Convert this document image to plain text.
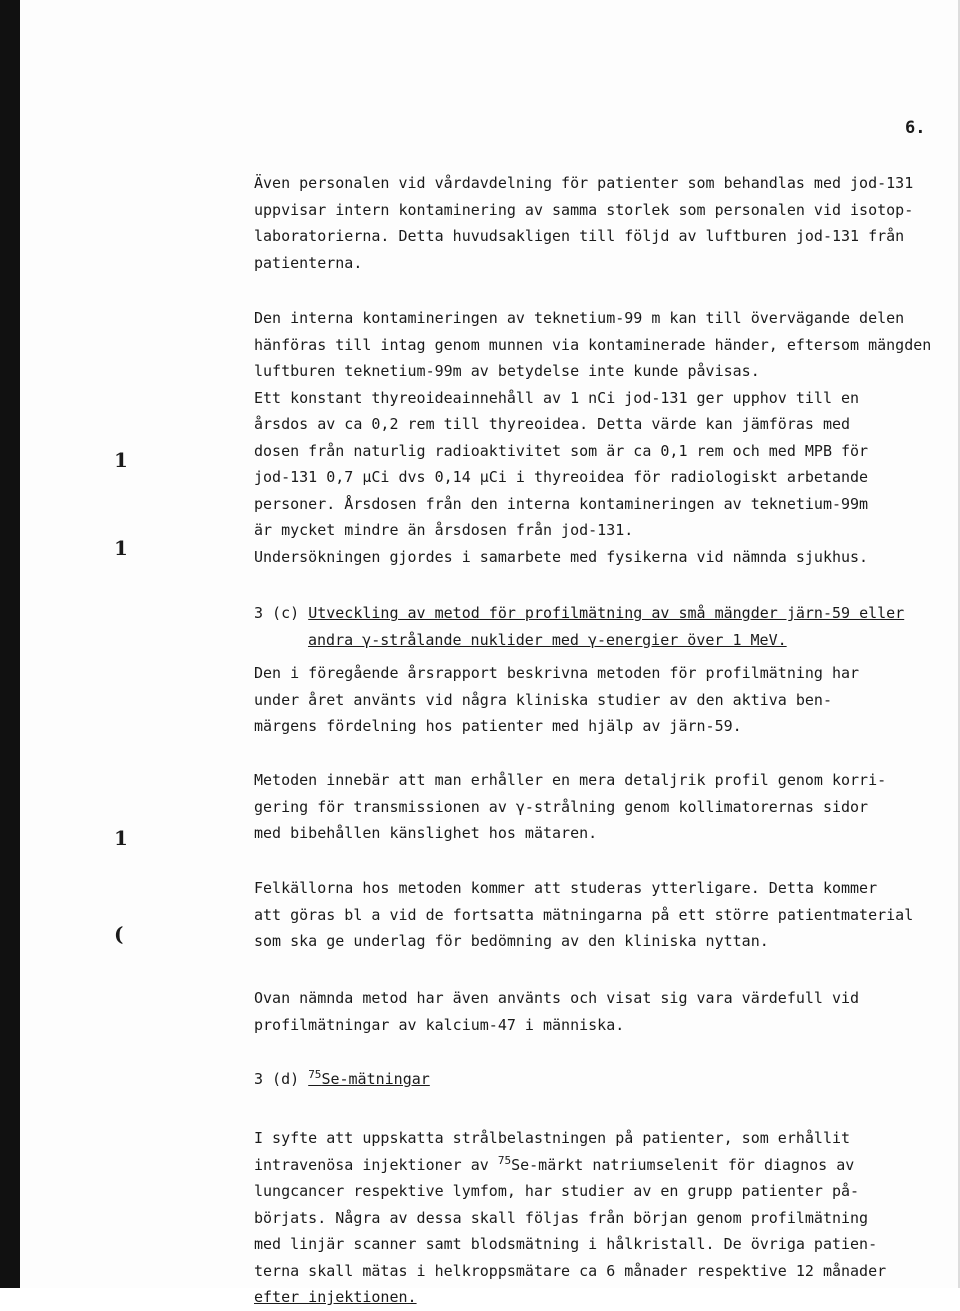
6.
1
1
1
(
Även personalen vid vårdavdelning för patienter som behandlas med jod-131
uppvisar intern kontaminering av samma storlek som personalen vid isotop-
laboratorierna. Detta huvudsakligen till följd av luftburen jod-131 från
patienterna.
Den interna kontamineringen av teknetium-99 m kan till övervägande delen
hänföras till intag genom munnen via kontaminerade händer, eftersom mängden
luftburen teknetium-99m av betydelse inte kunde påvisas.
Ett konstant thyreoideainnehåll av 1 nCi jod-131 ger upphov till en
årsdos av ca 0,2 rem till thyreoidea. Detta värde kan jämföras med
dosen från naturlig radioaktivitet som är ca 0,1 rem och med MPB för
jod-131 0,7 µCi dvs 0,14 µCi i thyreoidea för radiologiskt arbetande
personer. Årsdosen från den interna kontamineringen av teknetium-99m
är mycket mindre än årsdosen från jod-131.
Undersökningen gjordes i samarbete med fysikerna vid nämnda sjukhus.
3 (c) Utveckling av metod för profilmätning av små mängder järn-59 eller
andra γ-strålande nuklider med γ-energier över 1 MeV.
Den i föregående årsrapport beskrivna metoden för profilmätning har
under året använts vid några kliniska studier av den aktiva ben-
märgens fördelning hos patienter med hjälp av järn-59.
Metoden innebär att man erhåller en mera detaljrik profil genom korri-
gering för transmissionen av γ-strålning genom kollimatorernas sidor
med bibehållen känslighet hos mätaren.
Felkällorna hos metoden kommer att studeras ytterligare. Detta kommer
att göras bl a vid de fortsatta mätningarna på ett större patientmaterial
som ska ge underlag för bedömning av den kliniska nyttan.
Ovan nämnda metod har även använts och visat sig vara värdefull vid
profilmätningar av kalcium-47 i människa.
3 (d) $^{75}$Se-mätningar
I syfte att uppskatta strålbelastningen på patienter, som erhållit
intravenösa injektioner av $^{75}$Se-märkt natriumselenit för diagnos av
lungcancer respektive lymfom, har studier av en grupp patienter på-
börjats. Några av dessa skall följas från början genom profilmätning
med linjär scanner samt blodsmätning i hålkristall. De övriga patien-
terna skall mätas i helkroppsmätare ca 6 månader respektive 12 månader
efter injektionen.
